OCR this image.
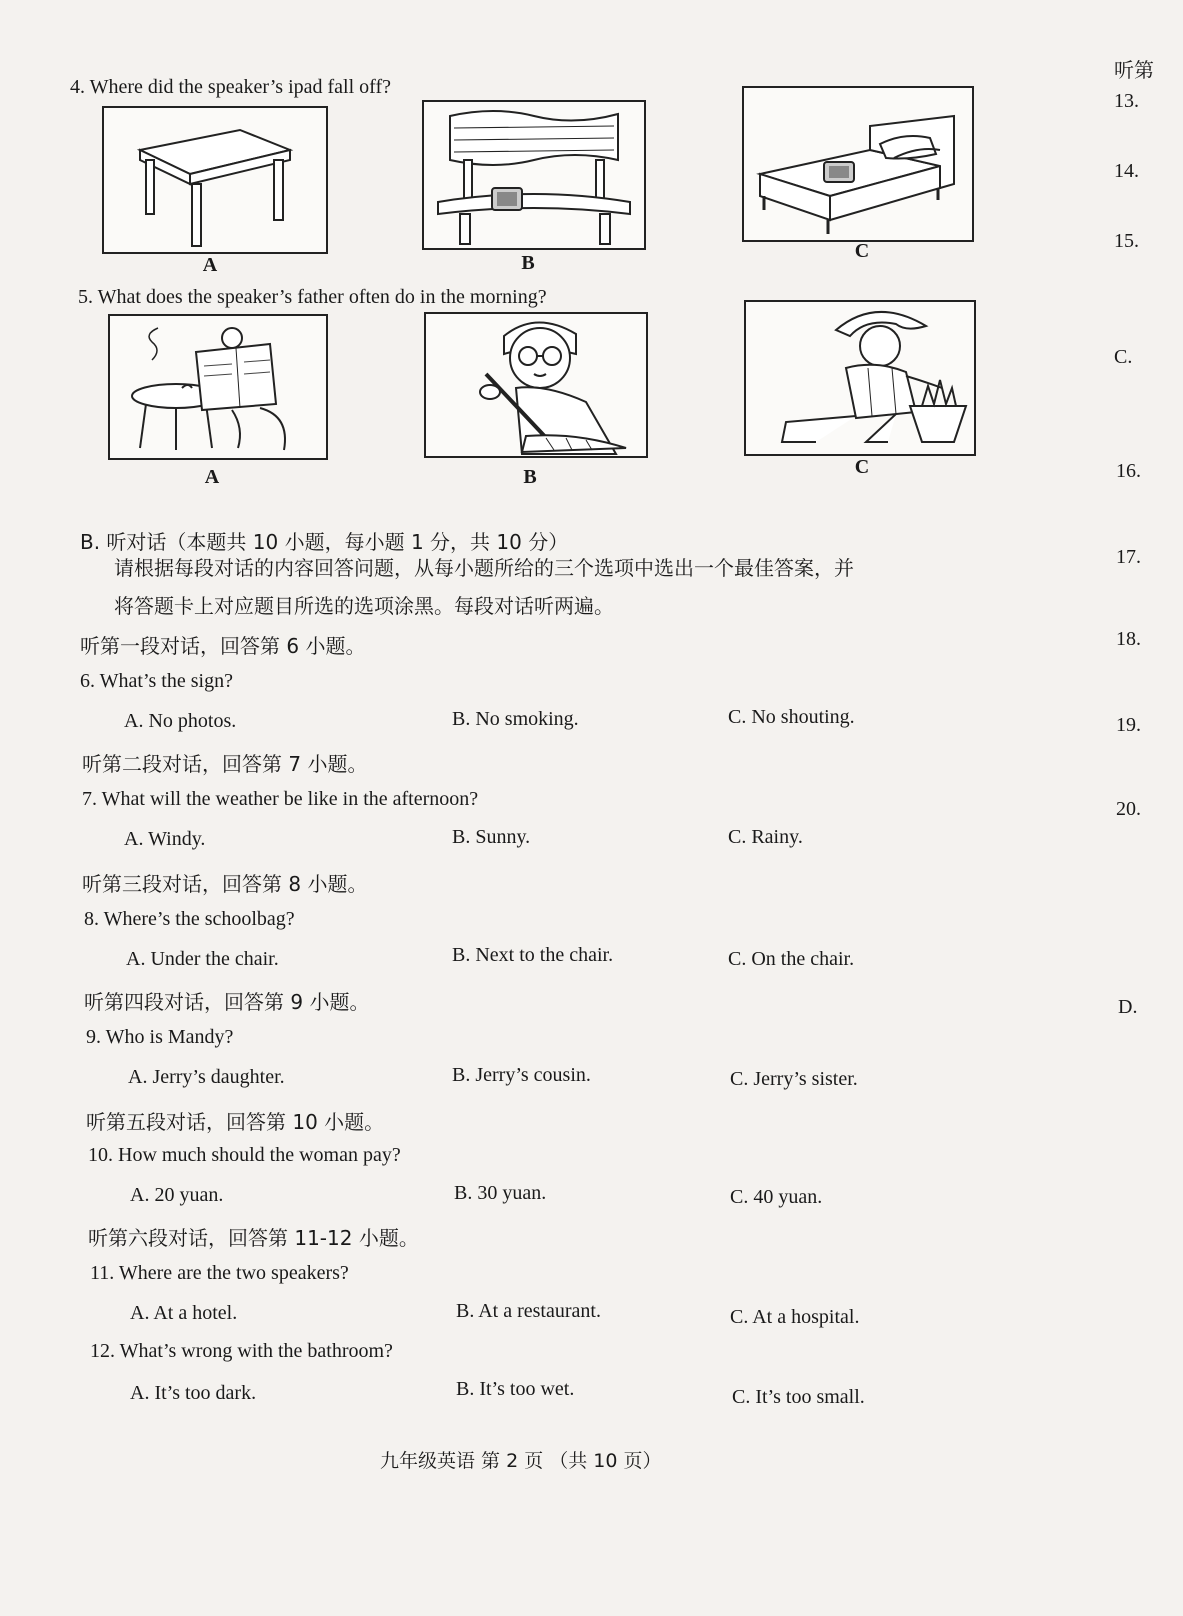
4. Where did the speaker’s ipad fall off?
A	B
C
5. What does the speaker’s father often do in the morning?
A	B	C
B. 听对话（本题共 10 小题，每小题 1 分，共 10 分）
请根据每段对话的内容回答问题，从每小题所给的三个选项中选出一个最佳答案，并
将答题卡上对应题目所选的选项涂黑。每段对话听两遍。
听第一段对话，回答第 6 小题。
6. What’s the sign?
A. No photos.	B. No smoking.	C. No shouting.
听第二段对话，回答第 7 小题。
7. What will the weather be like in the afternoon?
A. Windy.	B. Sunny.	C. Rainy.
听第三段对话，回答第 8 小题。
8. Where’s the schoolbag?
A. Under the chair.	B. Next to the chair.	C. On the chair.
听第四段对话，回答第 9 小题。
9. Who is Mandy?
A. Jerry’s daughter.	B. Jerry’s cousin.	C. Jerry’s sister.
听第五段对话，回答第 10 小题。
10. How much should the woman pay?
A. 20 yuan.	B. 30 yuan.	C. 40 yuan.
听第六段对话，回答第 11-12 小题。
11. Where are the two speakers?
A. At a hotel.	B. At a restaurant.	C. At a hospital.
12. What’s wrong with the bathroom?
A. It’s too dark.	B. It’s too wet.	C. It’s too small.
听第
13.
14.
15.
C.
16.
17.
18.
19.
20.
D.
九年级英语 第 2 页 （共 10 页）
